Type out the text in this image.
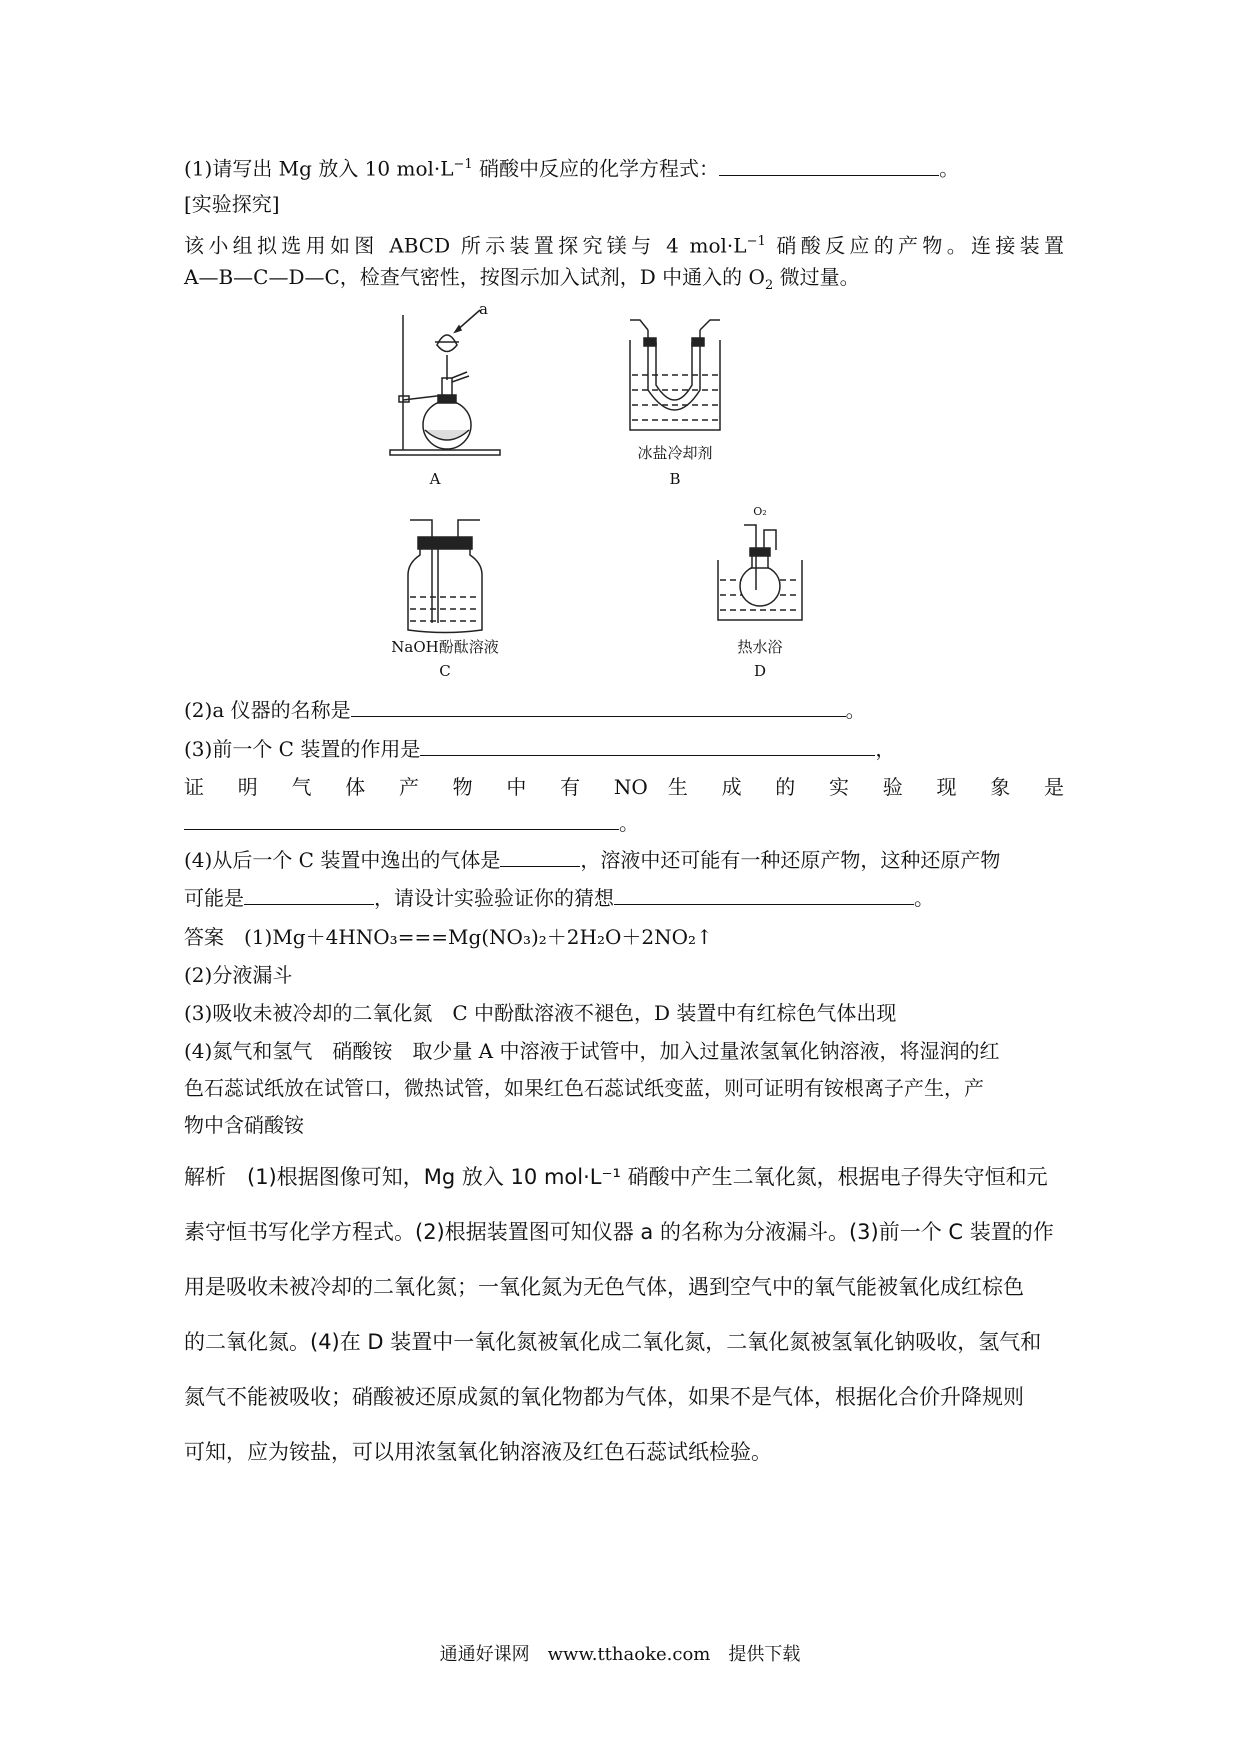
(1)请写出 Mg 放入 10 $mol\cdot L^{-1}$ 硝酸中反应的化学方程式：	。
[实验探究]
该小组拟选用如图 ABCD 所示装置探究镁与 4 $mol\cdot L^{-1}$ 硝酸反应的产物。连接装置
A—B—C—D—C，检查气密性，按图示加入试剂，D 中通入的 $O_2$ 微过量。
a
A
冰盐冷却剂
B
NaOH酚酞溶液
C
O₂
热水浴
D
(2)a 仪器的名称是	。
(3)前一个 C 装置的作用是	，
证 明 气 体 产 物 中 有 NO 生 成 的 实 验 现 象 是
。
(4)从后一个 C 装置中逸出的气体是	，溶液中还可能有一种还原产物，这种还原产物
可能是	，请设计实验验证你的猜想	。
答案　 (1)Mg＋4HNO₃===Mg(NO₃)₂＋2H₂O＋2NO₂↑
(2)分液漏斗
(3)吸收未被冷却的二氧化氮　C 中酚酞溶液不褪色，D 装置中有红棕色气体出现
(4)氮气和氢气　硝酸铵　取少量 A 中溶液于试管中，加入过量浓氢氧化钠溶液，将湿润的红
色石蕊试纸放在试管口，微热试管，如果红色石蕊试纸变蓝，则可证明有铵根离子产生，产
物中含硝酸铵

解析　(1)根据图像可知，Mg 放入 10 mol·L⁻¹ 硝酸中产生二氧化氮，根据电子得失守恒和元

素守恒书写化学方程式。(2)根据装置图可知仪器 a 的名称为分液漏斗。(3)前一个 C 装置的作

用是吸收未被冷却的二氧化氮；一氧化氮为无色气体，遇到空气中的氧气能被氧化成红棕色

的二氧化氮。(4)在 D 装置中一氧化氮被氧化成二氧化氮，二氧化氮被氢氧化钠吸收，氢气和

氮气不能被吸收；硝酸被还原成氮的氧化物都为气体，如果不是气体，根据化合价升降规则

可知，应为铵盐，可以用浓氢氧化钠溶液及红色石蕊试纸检验。

通通好课网　www.tthaoke.com　提供下载
